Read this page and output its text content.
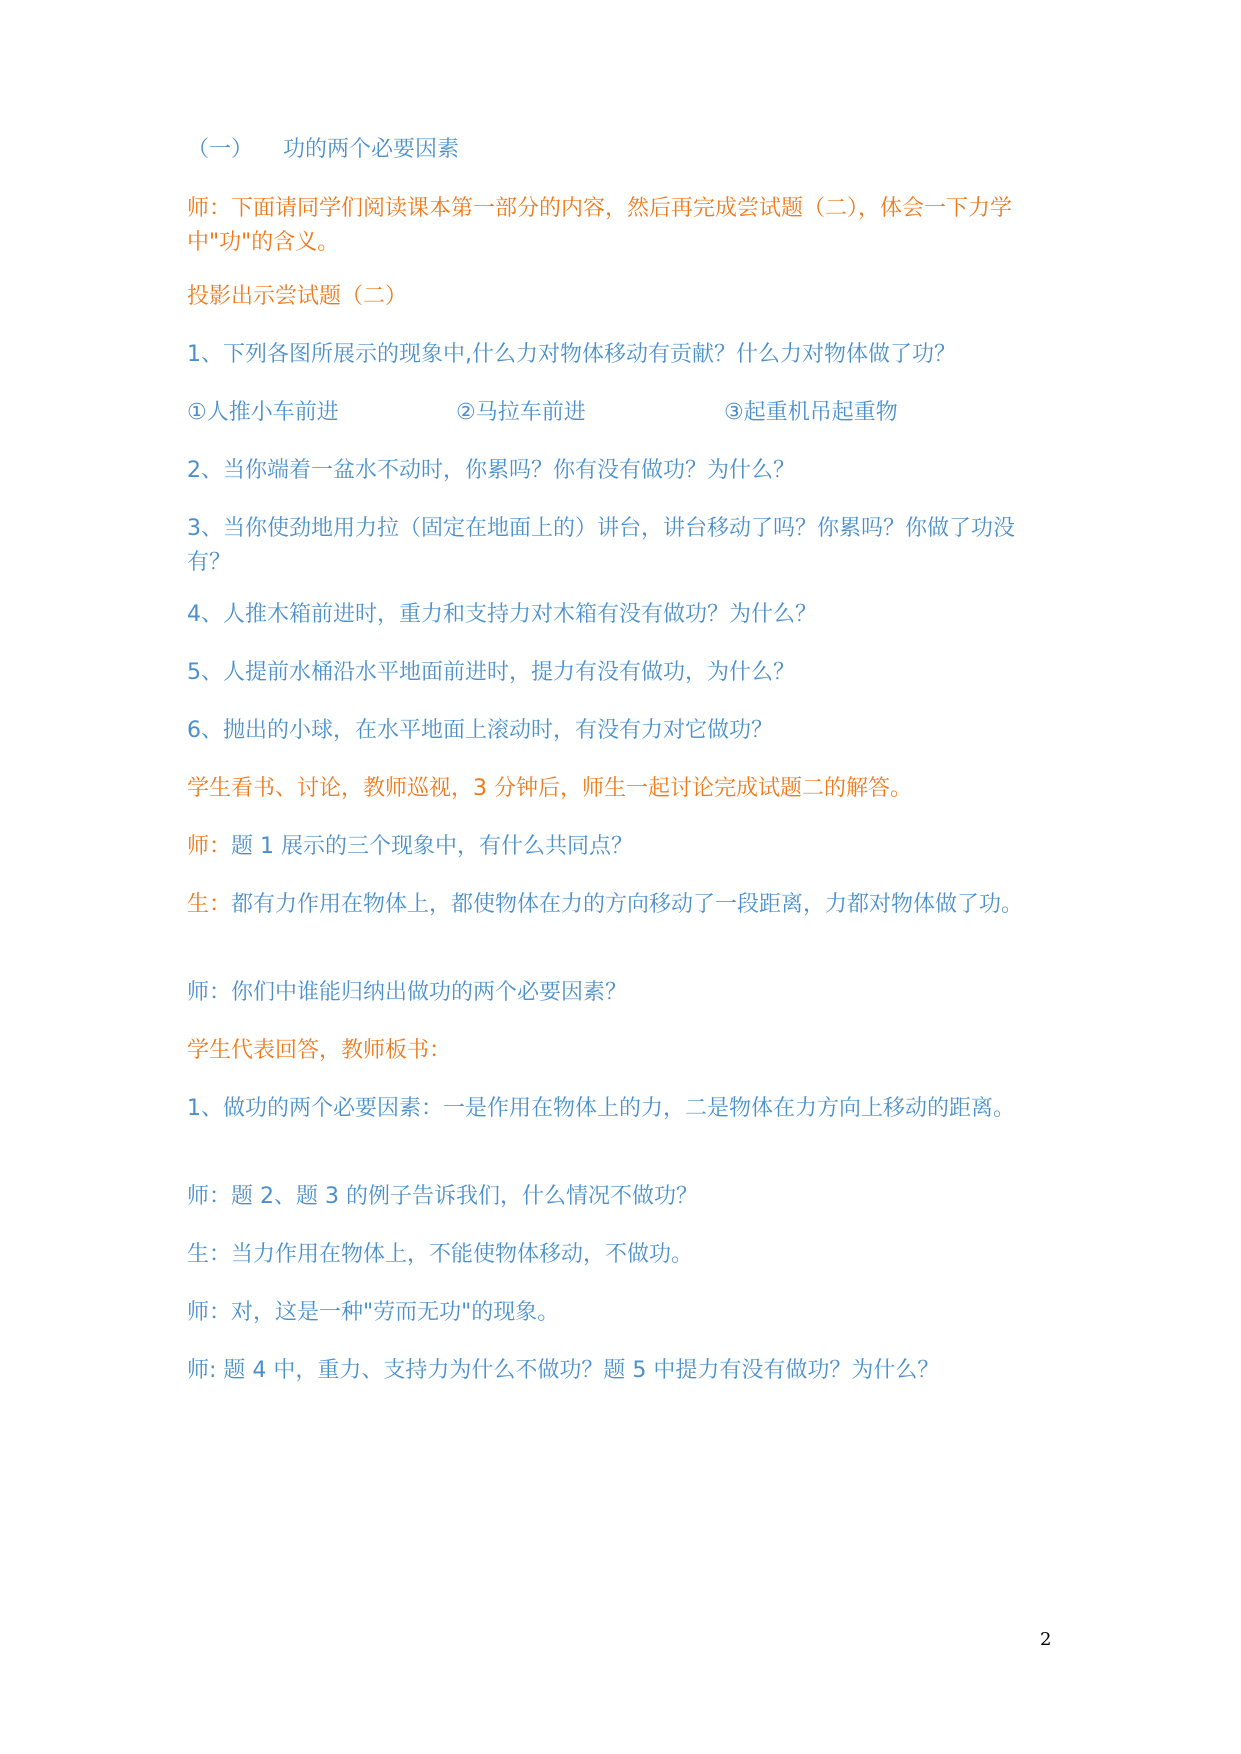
（一） 功的两个必要因素

师：下面请同学们阅读课本第一部分的内容，然后再完成尝试题（二），体会一下力学中"功"的含义。

投影出示尝试题（二）

1、下列各图所展示的现象中,什么力对物体移动有贡献？什么力对物体做了功？

①人推小车前进	②马拉车前进	③起重机吊起重物

2、当你端着一盆水不动时，你累吗？你有没有做功？为什么？

3、当你使劲地用力拉（固定在地面上的）讲台，讲台移动了吗？你累吗？你做了功没有？

4、人推木箱前进时，重力和支持力对木箱有没有做功？为什么？

5、人提前水桶沿水平地面前进时，提力有没有做功，为什么？

6、抛出的小球，在水平地面上滚动时，有没有力对它做功？

学生看书、讨论，教师巡视，3 分钟后，师生一起讨论完成试题二的解答。

师：题 1 展示的三个现象中，有什么共同点？

生：都有力作用在物体上，都使物体在力的方向移动了一段距离，力都对物体做了功。

师：你们中谁能归纳出做功的两个必要因素？

学生代表回答，教师板书：

1、做功的两个必要因素：一是作用在物体上的力，二是物体在力方向上移动的距离。

师：题 2、题 3 的例子告诉我们，什么情况不做功？

生：当力作用在物体上，不能使物体移动，不做功。

师：对，这是一种"劳而无功"的现象。

师: 题 4 中，重力、支持力为什么不做功？题 5 中提力有没有做功？为什么？

2
